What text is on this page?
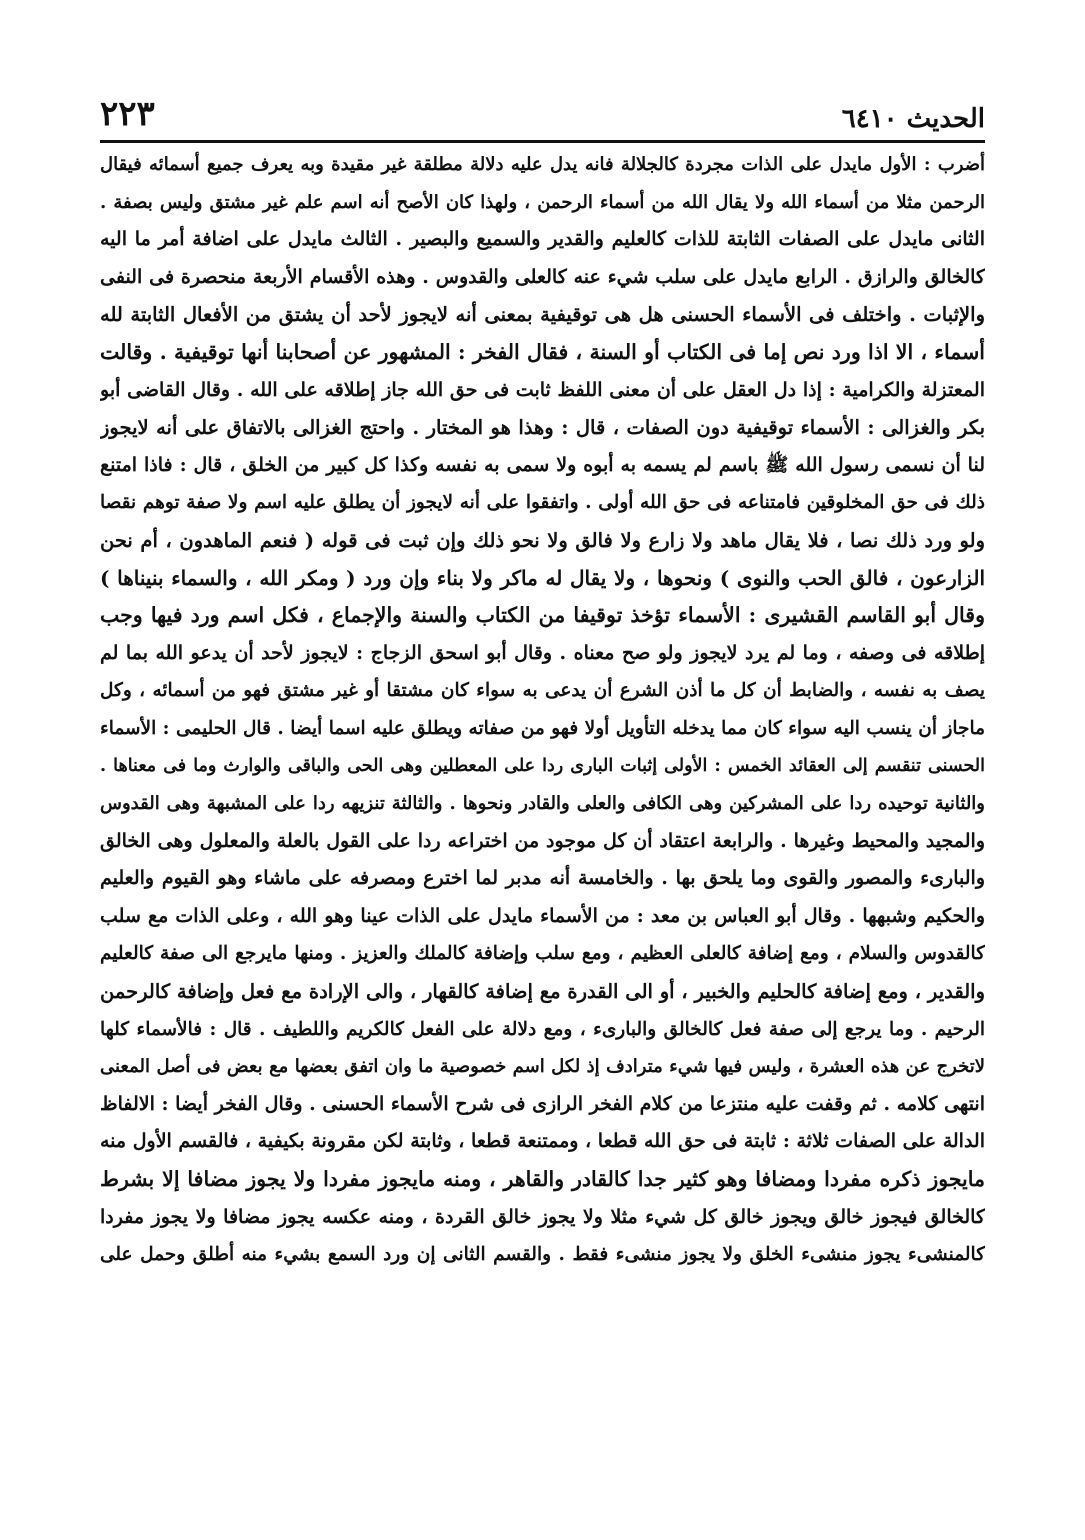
الحديث ٦٤١٠
٢٢٣
أضرب : الأول مايدل على الذات مجردة كالجلالة فانه يدل عليه دلالة مطلقة غير مقيدة وبه يعرف جميع أسمائه فيقال
الرحمن مثلا من أسماء الله ولا يقال الله من أسماء الرحمن ، ولهذا كان الأصح أنه اسم علم غير مشتق وليس بصفة .
الثانى مايدل على الصفات الثابتة للذات كالعليم والقدير والسميع والبصير . الثالث مايدل على اضافة أمر ما اليه
كالخالق والرازق . الرابع مايدل على سلب شيء عنه كالعلى والقدوس . وهذه الأقسام الأربعة منحصرة فى النفى
والإثبات . واختلف فى الأسماء الحسنى هل هى توقيفية بمعنى أنه لايجوز لأحد أن يشتق من الأفعال الثابتة لله
أسماء ، الا اذا ورد نص إما فى الكتاب أو السنة ، فقال الفخر : المشهور عن أصحابنا أنها توقيفية . وقالت
المعتزلة والكرامية : إذا دل العقل على أن معنى اللفظ ثابت فى حق الله جاز إطلاقه على الله . وقال القاضى أبو
بكر والغزالى : الأسماء توقيفية دون الصفات ، قال : وهذا هو المختار . واحتج الغزالى بالاتفاق على أنه لايجوز
لنا أن نسمى رسول الله ﷺ باسم لم يسمه به أبوه ولا سمى به نفسه وكذا كل كبير من الخلق ، قال : فاذا امتنع
ذلك فى حق المخلوقين فامتناعه فى حق الله أولى . واتفقوا على أنه لايجوز أن يطلق عليه اسم ولا صفة توهم نقصا
ولو ورد ذلك نصا ، فلا يقال ماهد ولا زارع ولا فالق ولا نحو ذلك وإن ثبت فى قوله ( فنعم الماهدون ، أم نحن
الزارعون ، فالق الحب والنوى ) ونحوها ، ولا يقال له ماكر ولا بناء وإن ورد ( ومكر الله ، والسماء بنيناها )
وقال أبو القاسم القشيرى : الأسماء تؤخذ توقيفا من الكتاب والسنة والإجماع ، فكل اسم ورد فيها وجب
إطلاقه فى وصفه ، وما لم يرد لايجوز ولو صح معناه . وقال أبو اسحق الزجاج : لايجوز لأحد أن يدعو الله بما لم
يصف به نفسه ، والضابط أن كل ما أذن الشرع أن يدعى به سواء كان مشتقا أو غير مشتق فهو من أسمائه ، وكل
ماجاز أن ينسب اليه سواء كان مما يدخله التأويل أولا فهو من صفاته ويطلق عليه اسما أيضا . قال الحليمى : الأسماء
الحسنى تنقسم إلى العقائد الخمس : الأولى إثبات البارى ردا على المعطلين وهى الحى والباقى والوارث وما فى معناها .
والثانية توحيده ردا على المشركين وهى الكافى والعلى والقادر ونحوها . والثالثة تنزيهه ردا على المشبهة وهى القدوس
والمجيد والمحيط وغيرها . والرابعة اعتقاد أن كل موجود من اختراعه ردا على القول بالعلة والمعلول وهى الخالق
والبارىء والمصور والقوى وما يلحق بها . والخامسة أنه مدبر لما اخترع ومصرفه على ماشاء وهو القيوم والعليم
والحكيم وشبهها . وقال أبو العباس بن معد : من الأسماء مايدل على الذات عينا وهو الله ، وعلى الذات مع سلب
كالقدوس والسلام ، ومع إضافة كالعلى العظيم ، ومع سلب وإضافة كالملك والعزيز . ومنها مايرجع الى صفة كالعليم
والقدير ، ومع إضافة كالحليم والخبير ، أو الى القدرة مع إضافة كالقهار ، والى الإرادة مع فعل وإضافة كالرحمن
الرحيم . وما يرجع إلى صفة فعل كالخالق والبارىء ، ومع دلالة على الفعل كالكريم واللطيف . قال : فالأسماء كلها
لاتخرج عن هذه العشرة ، وليس فيها شيء مترادف إذ لكل اسم خصوصية ما وان اتفق بعضها مع بعض فى أصل المعنى
انتهى كلامه . ثم وقفت عليه منتزعا من كلام الفخر الرازى فى شرح الأسماء الحسنى . وقال الفخر أيضا : الالفاظ
الدالة على الصفات ثلاثة : ثابتة فى حق الله قطعا ، وممتنعة قطعا ، وثابتة لكن مقرونة بكيفية ، فالقسم الأول منه
مايجوز ذكره مفردا ومضافا وهو كثير جدا كالقادر والقاهر ، ومنه مايجوز مفردا ولا يجوز مضافا إلا بشرط
كالخالق فيجوز خالق ويجوز خالق كل شيء مثلا ولا يجوز خالق القردة ، ومنه عكسه يجوز مضافا ولا يجوز مفردا
كالمنشىء يجوز منشىء الخلق ولا يجوز منشىء فقط . والقسم الثانى إن ورد السمع بشيء منه أطلق وحمل على
